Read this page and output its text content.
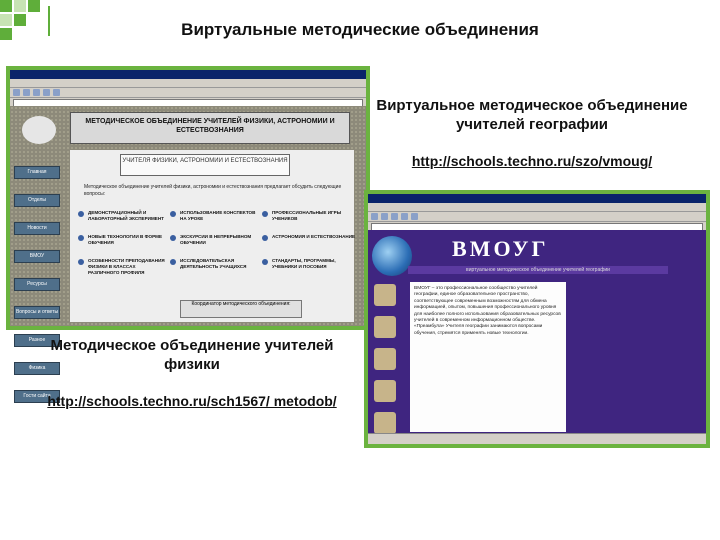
Виртуальные методические объединения
МЕТОДИЧЕСКОЕ ОБЪЕДИНЕНИЕ УЧИТЕЛЕЙ ФИЗИКИ, АСТРОНОМИИ И ЕСТЕСТВОЗНАНИЯ
Главная
Отделы
Новости
ВМОУ
Ресурсы
Вопросы и ответы
Разное
Физика
Гости сайта
УЧИТЕЛЯ ФИЗИКИ, АСТРОНОМИИ И ЕСТЕСТВОЗНАНИЯ
Методическое объединение учителей физики, астрономии и естествознания предлагает обсудить следующие вопросы:
ДЕМОНСТРАЦИОННЫЙ И ЛАБОРАТОРНЫЙ ЭКСПЕРИМЕНТ
ИСПОЛЬЗОВАНИЕ КОНСПЕКТОВ НА УРОКЕ
ПРОФЕССИОНАЛЬНЫЕ ИГРЫ УЧЕНИКОВ
НОВЫЕ ТЕХНОЛОГИИ В ФОРМЕ ОБУЧЕНИЯ
ЭКСКУРСИИ В НЕПРЕРЫВНОМ ОБУЧЕНИИ
АСТРОНОМИЯ И ЕСТЕСТВОЗНАНИЕ
ОСОБЕННОСТИ ПРЕПОДАВАНИЯ ФИЗИКИ В КЛАССАХ РАЗЛИЧНОГО ПРОФИЛЯ
ИССЛЕДОВАТЕЛЬСКАЯ ДЕЯТЕЛЬНОСТЬ УЧАЩИХСЯ
СТАНДАРТЫ, ПРОГРАММЫ, УЧЕБНИКИ И ПОСОБИЯ
Координатор методического объединения:
ВМОУГ
виртуальное методическое объединение учителей географии
ВМОУГ – это профессиональное сообщество учителей географии, единое образовательное пространство, соответствующее современным возможностям для обмена информацией, опытом, повышения профессионального уровня для наиболее полного использования образовательных ресурсов учителей в современном информационном обществе. «Преамбула» Учителя географии занимаются вопросами обучения, стремятся применять новые технологии.
Виртуальное методическое объединение учителей географии
http://schools.techno.ru/szo/vmoug/
Методическое объединение учителей физики
http://schools.techno.ru/sch1567/ metodob/
